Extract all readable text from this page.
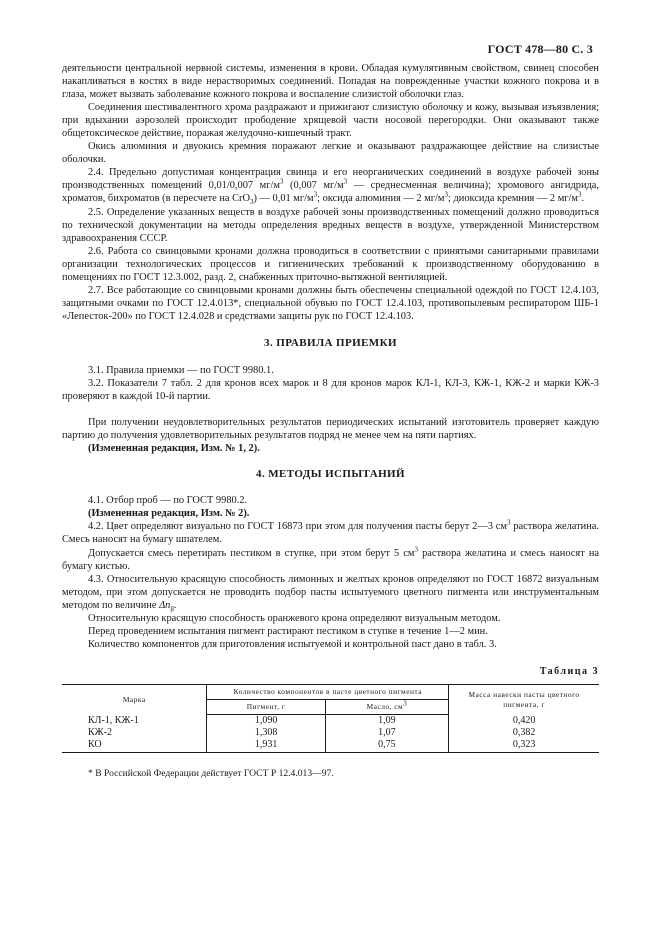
ГОСТ 478—80 С. 3

деятельности центральной нервной системы, изменения в крови. Обладая кумулятивным свойством, свинец способен накапливаться в костях в виде нерастворимых соединений. Попадая на поврежденные участки кожного покрова и в глаза, может вызвать заболевание кожного покрова и воспаление слизистой оболочки глаз.

Соединения шестивалентного хрома раздражают и прижигают слизистую оболочку и кожу, вызывая изъязвления; при вдыхании аэрозолей происходит прободение хрящевой части носовой перегородки. Они оказывают также общетоксическое действие, поражая желудочно-кишечный тракт.

Окись алюминия и двуокись кремния поражают легкие и оказывают раздражающее действие на слизистые оболочки.

2.4. Предельно допустимая концентрация свинца и его неорганических соединений в воздухе рабочей зоны производственных помещений 0,01/0,007 $мг/м^3$ (0,007 $мг/м^3$ — среднесменная величина); хромового ангидрида, хроматов, бихроматов (в пересчете на CrO$_3$) — 0,01 $мг/м^3$; оксида алюминия — 2 $мг/м^3$; диоксида кремния — 2 $мг/м^3$.

2.5. Определение указанных веществ в воздухе рабочей зоны производственных помещений должно проводиться по технической документации на методы определения вредных веществ в воздухе, утвержденной Министерством здравоохранения СССР.

2.6. Работа со свинцовыми кронами должна проводиться в соответствии с принятыми санитарными правилами организации технологических процессов и гигиенических требований к производственному оборудованию в помещениях по ГОСТ 12.3.002, разд. 2, снабженных приточно-вытяжной вентиляцией.

2.7. Все работающие со свинцовыми кронами должны быть обеспечены специальной одеждой по ГОСТ 12.4.103, защитными очками по ГОСТ 12.4.013*, специальной обувью по ГОСТ 12.4.103, противопылевым респиратором ШБ-1 «Лепесток-200» по ГОСТ 12.4.028 и средствами защиты рук по ГОСТ 12.4.103.

3. ПРАВИЛА ПРИЕМКИ

3.1. Правила приемки — по ГОСТ 9980.1.

3.2. Показатели 7 табл. 2 для кронов всех марок и 8 для кронов марок КЛ-1, КЛ-3, КЖ-1, КЖ-2 и марки КЖ-3 проверяют в каждой 10-й партии.

При получении неудовлетворительных результатов периодических испытаний изготовитель проверяет каждую партию до получения удовлетворительных результатов подряд не менее чем на пяти партиях.

(Измененная редакция, Изм. № 1, 2).

4. МЕТОДЫ ИСПЫТАНИЙ

4.1. Отбор проб — по ГОСТ 9980.2.

(Измененная редакция, Изм. № 2).

4.2. Цвет определяют визуально по ГОСТ 16873 при этом для получения пасты берут 2—3 $см^3$ раствора желатина. Смесь наносят на бумагу шпателем.

Допускается смесь перетирать пестиком в ступке, при этом берут 5 $см^3$ раствора желатина и смесь наносят на бумагу кистью.

4.3. Относительную красящую способность лимонных и желтых кронов определяют по ГОСТ 16872 визуальным методом, при этом допускается не проводить подбор пасты испытуемого цветного пигмента или инструментальным методом по величине $\Delta n_\beta$.

Относительную красящую способность оранжевого крона определяют визуальным методом.

Перед проведением испытания пигмент растирают пестиком в ступке в течение 1—2 мин.

Количество компонентов для приготовления испытуемой и контрольной паст дано в табл. 3.

Таблица 3
Марка	Количество компонентов в пасте цветного пигмента		Масса навески пасты цветного пигмента, г
	Пигмент, г	Масло, $см^3$
КЛ-1, КЖ-1	1,090	1,09	0,420
КЖ-2	1,308	1,07	0,382
КО	1,931	0,75	0,323

* В Российской Федерации действует ГОСТ Р 12.4.013—97.
